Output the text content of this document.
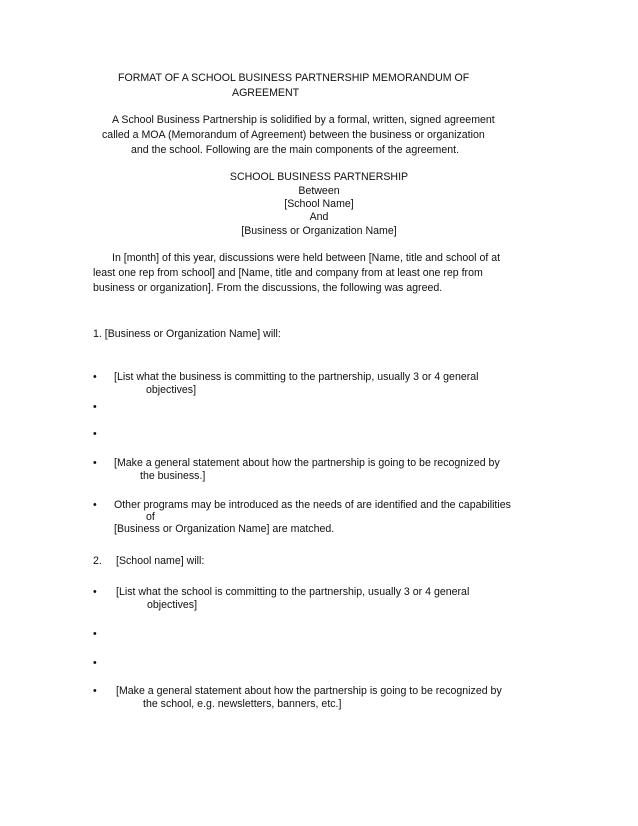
FORMAT OF A SCHOOL BUSINESS PARTNERSHIP MEMORANDUM OF
AGREEMENT
A School Business Partnership is solidified by a formal, written, signed agreement
called a MOA (Memorandum of Agreement) between the business or organization
and the school. Following are the main components of the agreement.
SCHOOL BUSINESS PARTNERSHIP
Between
[School Name]
And
[Business or Organization Name]
In [month] of this year, discussions were held between [Name, title and school of at
least one rep from school] and [Name, title and company from at least one rep from
business or organization]. From the discussions, the following was agreed.
1. [Business or Organization Name] will:
• [List what the business is committing to the partnership, usually 3 or 4 general
objectives]
•
•
• [Make a general statement about how the partnership is going to be recognized by
the business.]
• Other programs may be introduced as the needs of are identified and the capabilities
of
[Business or Organization Name] are matched.
2. [School name] will:
• [List what the school is committing to the partnership, usually 3 or 4 general
objectives]
•
•
• [Make a general statement about how the partnership is going to be recognized by
the school, e.g. newsletters, banners, etc.]
